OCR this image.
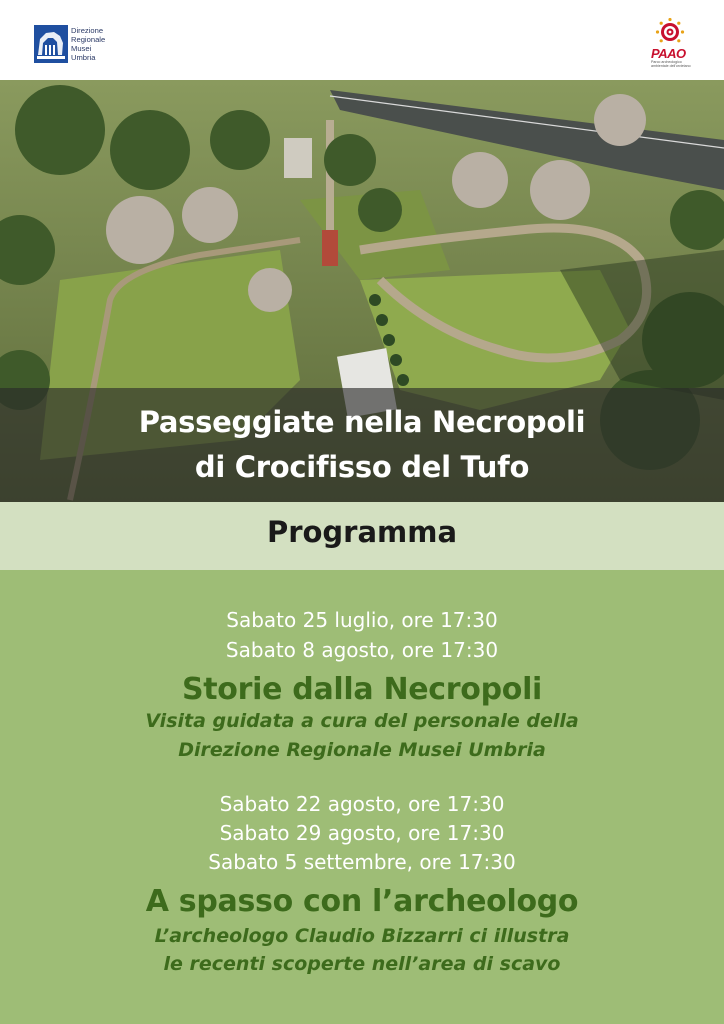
Direzione
Regionale
Musei
Umbria	PAAO
Parco archeologico ambientale dell'orvietano
Passeggiate nella Necropoli
di Crocifisso del Tufo
Programma
Sabato 25 luglio, ore 17:30
Sabato 8 agosto, ore 17:30
Storie dalla Necropoli
Visita guidata a cura del personale della
Direzione Regionale Musei Umbria
Sabato 22 agosto, ore 17:30
Sabato 29 agosto, ore 17:30
Sabato 5 settembre, ore 17:30
A spasso con l’archeologo
L’archeologo Claudio Bizzarri ci illustra
le recenti scoperte nell’area di scavo
